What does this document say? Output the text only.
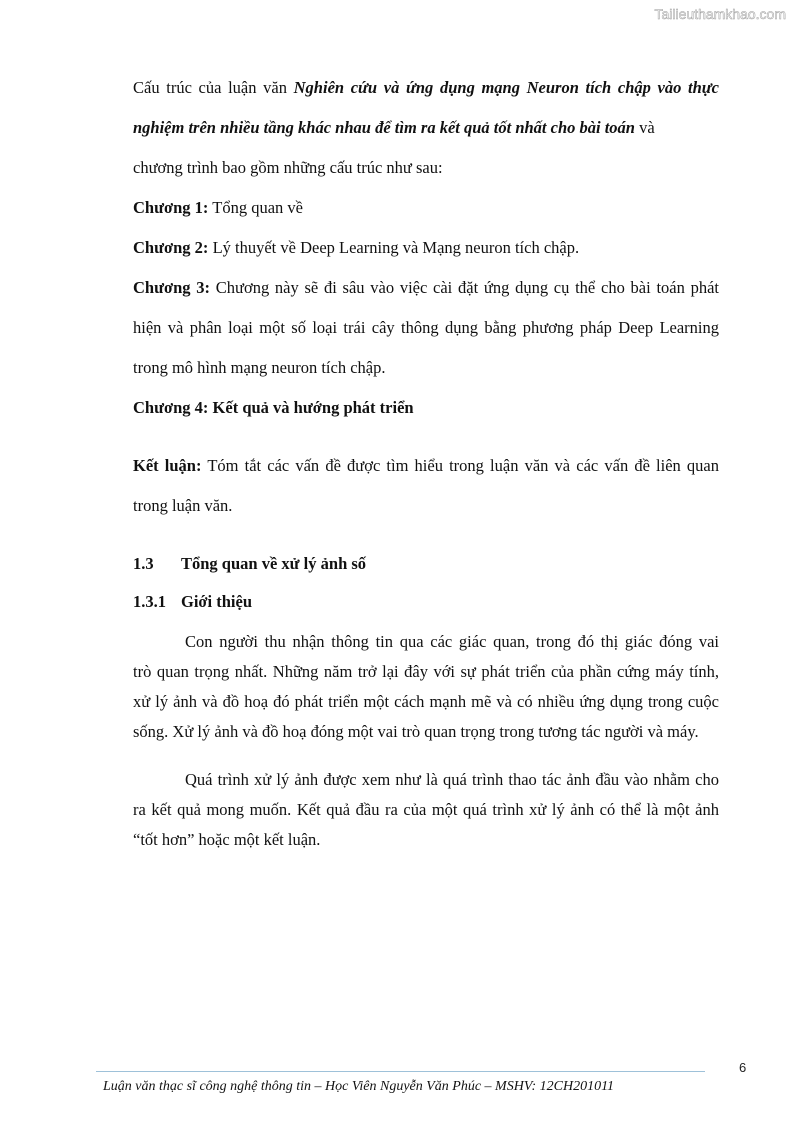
Tailieuthamkhao.com
Cấu trúc của luận văn Nghiên cứu và ứng dụng mạng Neuron tích chập vào thực
nghiệm trên nhiều tầng khác nhau để tìm ra kết quả tốt nhất cho bài toán và
chương trình bao gồm những cấu trúc như sau:
Chương 1: Tổng quan về
Chương 2: Lý thuyết về Deep Learning và Mạng neuron tích chập.
Chương 3: Chương này sẽ đi sâu vào việc cài đặt ứng dụng cụ thể cho bài toán phát
hiện và phân loại một số loại trái cây thông dụng bằng phương pháp Deep Learning
trong mô hình mạng neuron tích chập.
Chương 4: Kết quả và hướng phát triển
Kết luận: Tóm tắt các vấn đề được tìm hiểu trong luận văn và các vấn đề liên quan
trong luận văn.
1.3 Tổng quan về xử lý ảnh số
1.3.1 Giới thiệu
Con người thu nhận thông tin qua các giác quan, trong đó thị giác đóng vai
trò quan trọng nhất. Những năm trở lại đây với sự phát triển của phần cứng máy tính,
xử lý ảnh và đồ hoạ đó phát triển một cách mạnh mẽ và có nhiều ứng dụng trong cuộc
sống. Xử lý ảnh và đồ hoạ đóng một vai trò quan trọng trong tương tác người và máy.
Quá trình xử lý ảnh được xem như là quá trình thao tác ảnh đầu vào nhằm cho
ra kết quả mong muốn. Kết quả đầu ra của một quá trình xử lý ảnh có thể là một ảnh
“tốt hơn” hoặc một kết luận.
6
Luận văn thạc sĩ công nghệ thông tin – Học Viên Nguyễn Văn Phúc – MSHV: 12CH201011
